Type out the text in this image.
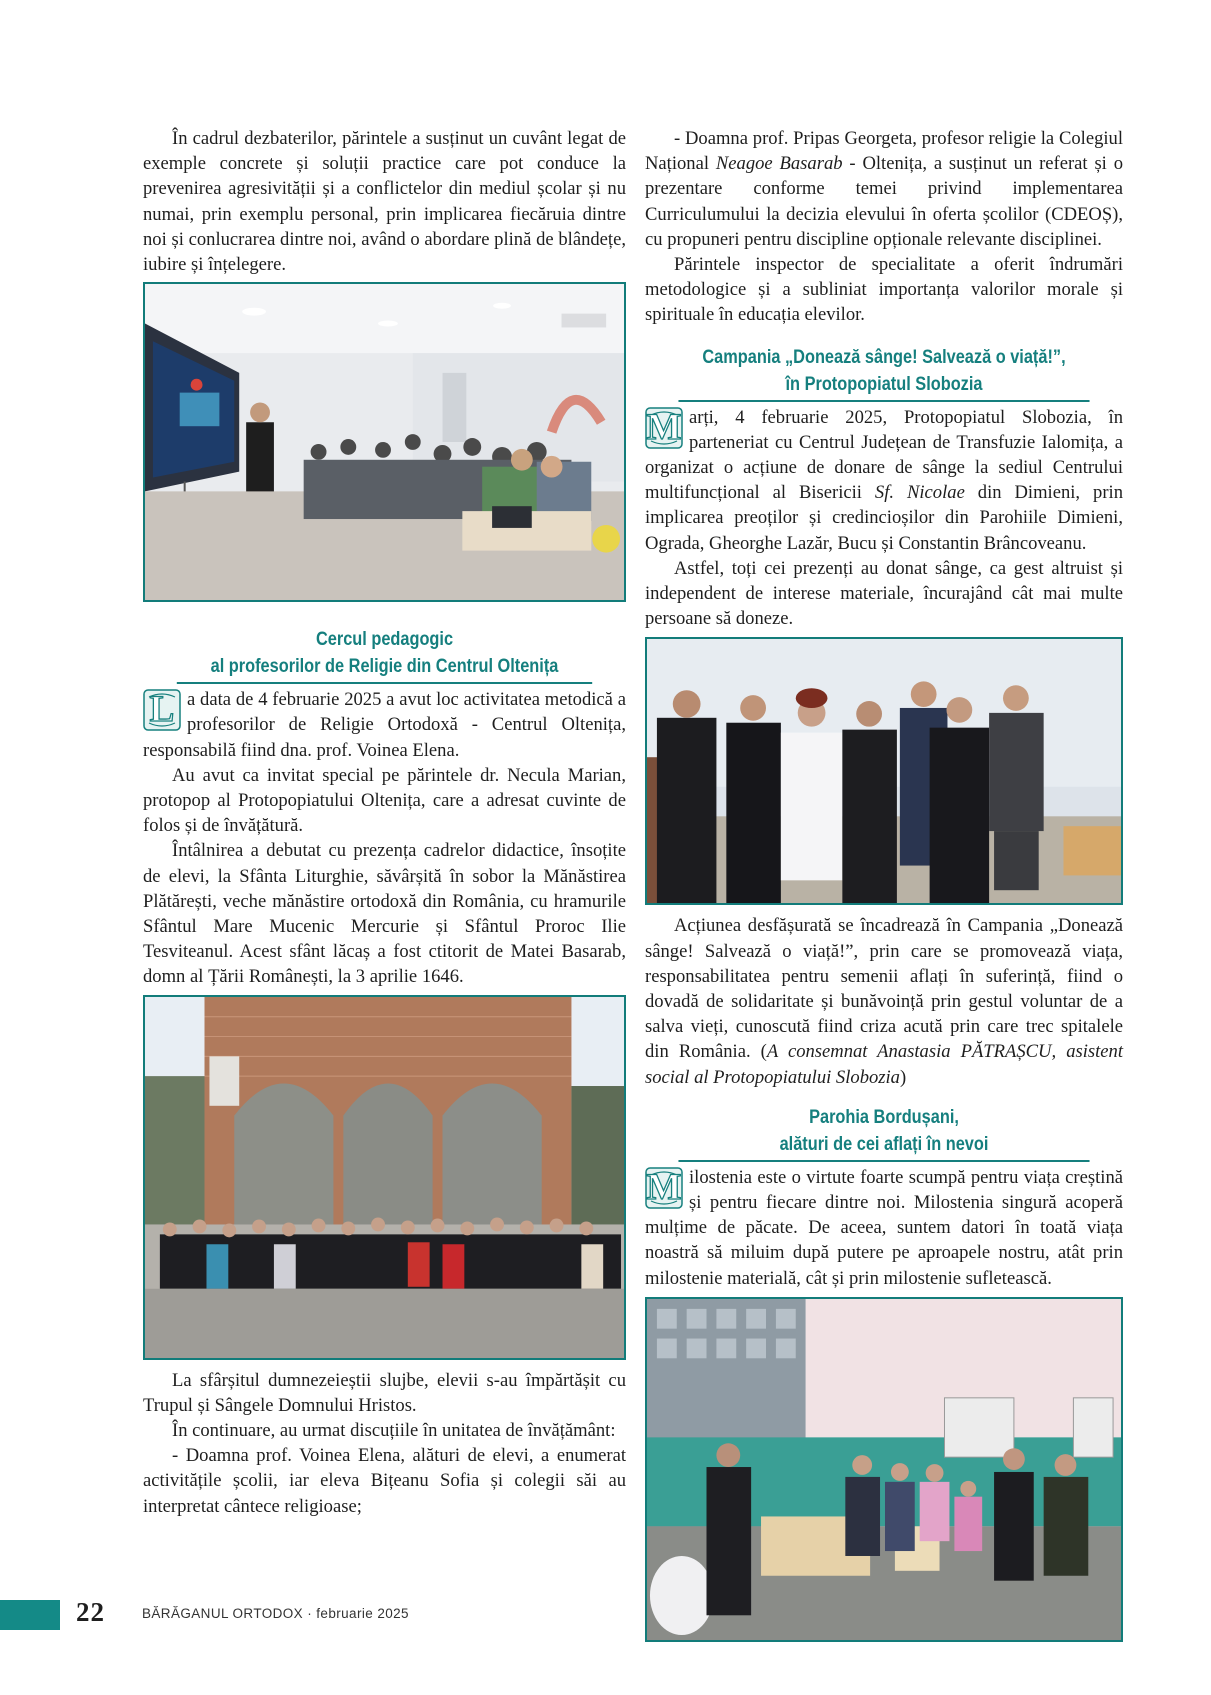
În cadrul dezbaterilor, părintele a susținut un cuvânt legat de exemple concrete și soluții practice care pot conduce la prevenirea agresivității și a conflictelor din mediul școlar și nu numai, prin exemplu personal, prin implicarea fiecăruia dintre noi și conlucrarea dintre noi, având o abordare plină de blândețe, iubire și înțelegere.

Cercul pedagogic
al profesorilor de Religie din Centrul Oltenița

L a data de 4 februarie 2025 a avut loc activitatea metodică a profesorilor de Religie Ortodoxă - Centrul Oltenița, responsabilă fiind dna. prof. Voinea Elena.

Au avut ca invitat special pe părintele dr. Necula Marian, protopop al Protopopiatului Oltenița, care a adresat cuvinte de folos și de învățătură.

Întâlnirea a debutat cu prezența cadrelor didactice, însoțite de elevi, la Sfânta Liturghie, săvârșită în sobor la Mănăstirea Plătărești, veche mănăstire ortodoxă din România, cu hramurile Sfântul Mare Mucenic Mercurie și Sfântul Proroc Ilie Tesviteanul. Acest sfânt lăcaș a fost ctitorit de Matei Basarab, domn al Țării Românești, la 3 aprilie 1646.

La sfârșitul dumnezeieștii slujbe, elevii s-au împărtășit cu Trupul și Sângele Domnului Hristos.

În continuare, au urmat discuțiile în unitatea de învățământ:

- Doamna prof. Voinea Elena, alături de elevi, a enumerat activitățile școlii, iar eleva Bițeanu Sofia și colegii săi au interpretat cântece religioase;

- Doamna prof. Pripas Georgeta, profesor religie la Colegiul Național Neagoe Basarab - Oltenița, a susținut un referat și o prezentare conforme temei privind implementarea Curriculumului la decizia elevului în oferta școlilor (CDEOȘ), cu propuneri pentru discipline opționale relevante disciplinei.

Părintele inspector de specialitate a oferit îndrumări metodologice și a subliniat importanța valorilor morale și spirituale în educația elevilor.

Campania „Donează sânge! Salvează o viață!”,
în Protopopiatul Slobozia

M arți, 4 februarie 2025, Protopopiatul Slobozia, în parteneriat cu Centrul Județean de Transfuzie Ialomița, a organizat o acțiune de donare de sânge la sediul Centrului multifuncțional al Bisericii Sf. Nicolae din Dimieni, prin implicarea preoților și credincioșilor din Parohiile Dimieni, Ograda, Gheorghe Lazăr, Bucu și Constantin Brâncoveanu.

Astfel, toți cei prezenți au donat sânge, ca gest altruist și independent de interese materiale, încurajând cât mai multe persoane să doneze.

Acțiunea desfășurată se încadrează în Campania „Donează sânge! Salvează o viață!”, prin care se promovează viața, responsabilitatea pentru semenii aflați în suferință, fiind o dovadă de solidaritate și bunăvoință prin gestul voluntar de a salva vieți, cunoscută fiind criza acută prin care trec spitalele din România. (A consemnat Anastasia PĂTRAȘCU, asistent social al Protopopiatului Slobozia)

Parohia Bordușani,
alături de cei aflați în nevoi

M ilostenia este o virtute foarte scumpă pentru viața creștină și pentru fiecare dintre noi. Milostenia singură acoperă mulțime de păcate. De aceea, suntem datori în toată viața noastră să miluim după putere pe aproapele nostru, atât prin milostenie materială, cât și prin milostenie sufletească.

22	BĂRĂGANUL ORTODOX · februarie 2025
